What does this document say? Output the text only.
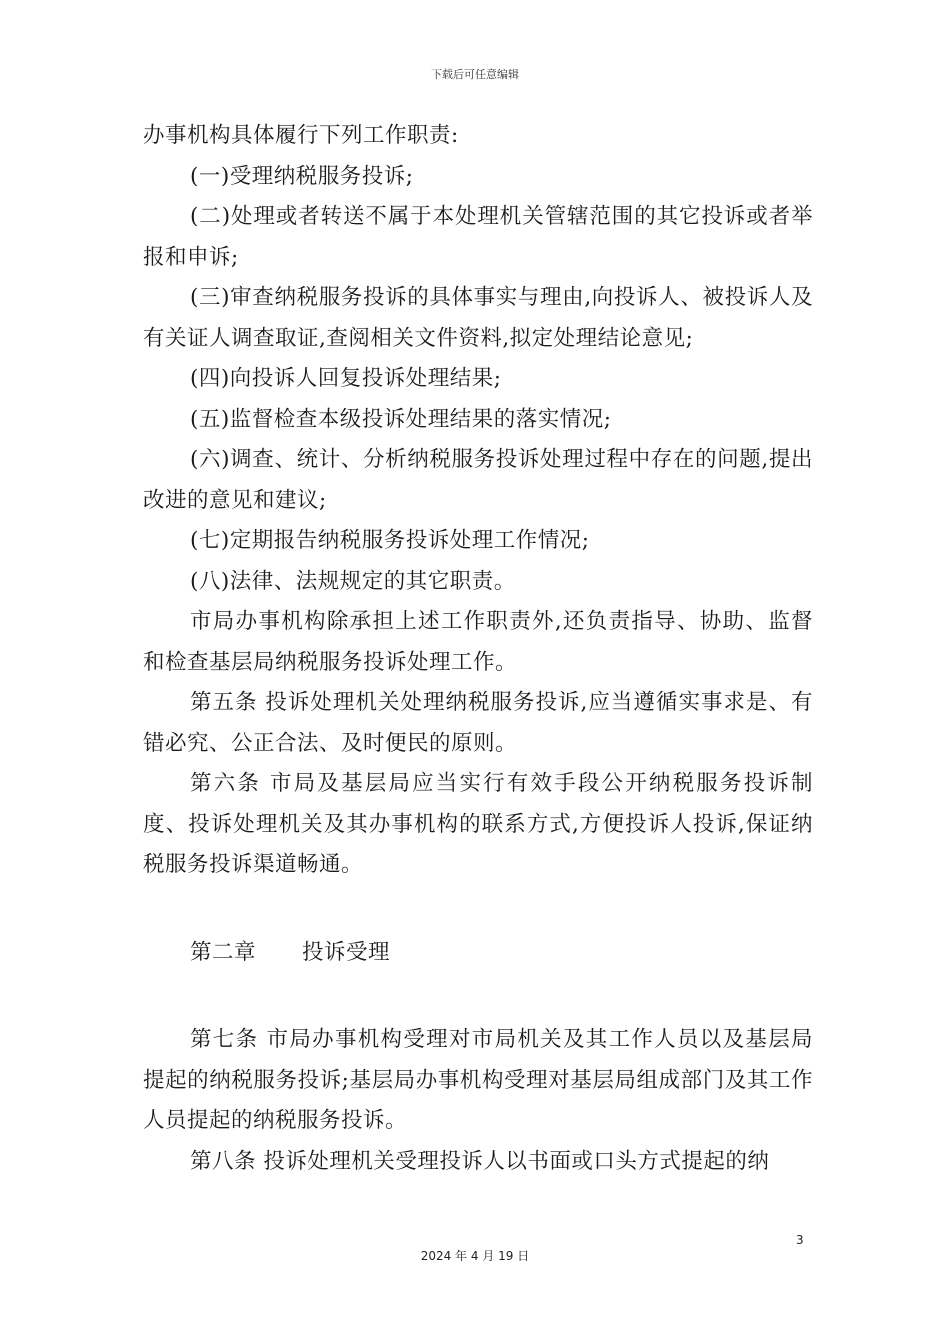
下载后可任意编辑

办事机构具体履行下列工作职责:

(一)受理纳税服务投诉;

(二)处理或者转送不属于本处理机关管辖范围的其它投诉或者举报和申诉;

(三)审查纳税服务投诉的具体事实与理由,向投诉人、被投诉人及有关证人调查取证,查阅相关文件资料,拟定处理结论意见;

(四)向投诉人回复投诉处理结果;

(五)监督检查本级投诉处理结果的落实情况;

(六)调查、统计、分析纳税服务投诉处理过程中存在的问题,提出改进的意见和建议;

(七)定期报告纳税服务投诉处理工作情况;

(八)法律、法规规定的其它职责。

市局办事机构除承担上述工作职责外,还负责指导、协助、监督和检查基层局纳税服务投诉处理工作。

第五条 投诉处理机关处理纳税服务投诉,应当遵循实事求是、有错必究、公正合法、及时便民的原则。

第六条 市局及基层局应当实行有效手段公开纳税服务投诉制度、投诉处理机关及其办事机构的联系方式,方便投诉人投诉,保证纳税服务投诉渠道畅通。

第二章 投诉受理

第七条 市局办事机构受理对市局机关及其工作人员以及基层局提起的纳税服务投诉;基层局办事机构受理对基层局组成部门及其工作人员提起的纳税服务投诉。

第八条 投诉处理机关受理投诉人以书面或口头方式提起的纳

3
2024 年 4 月 19 日
